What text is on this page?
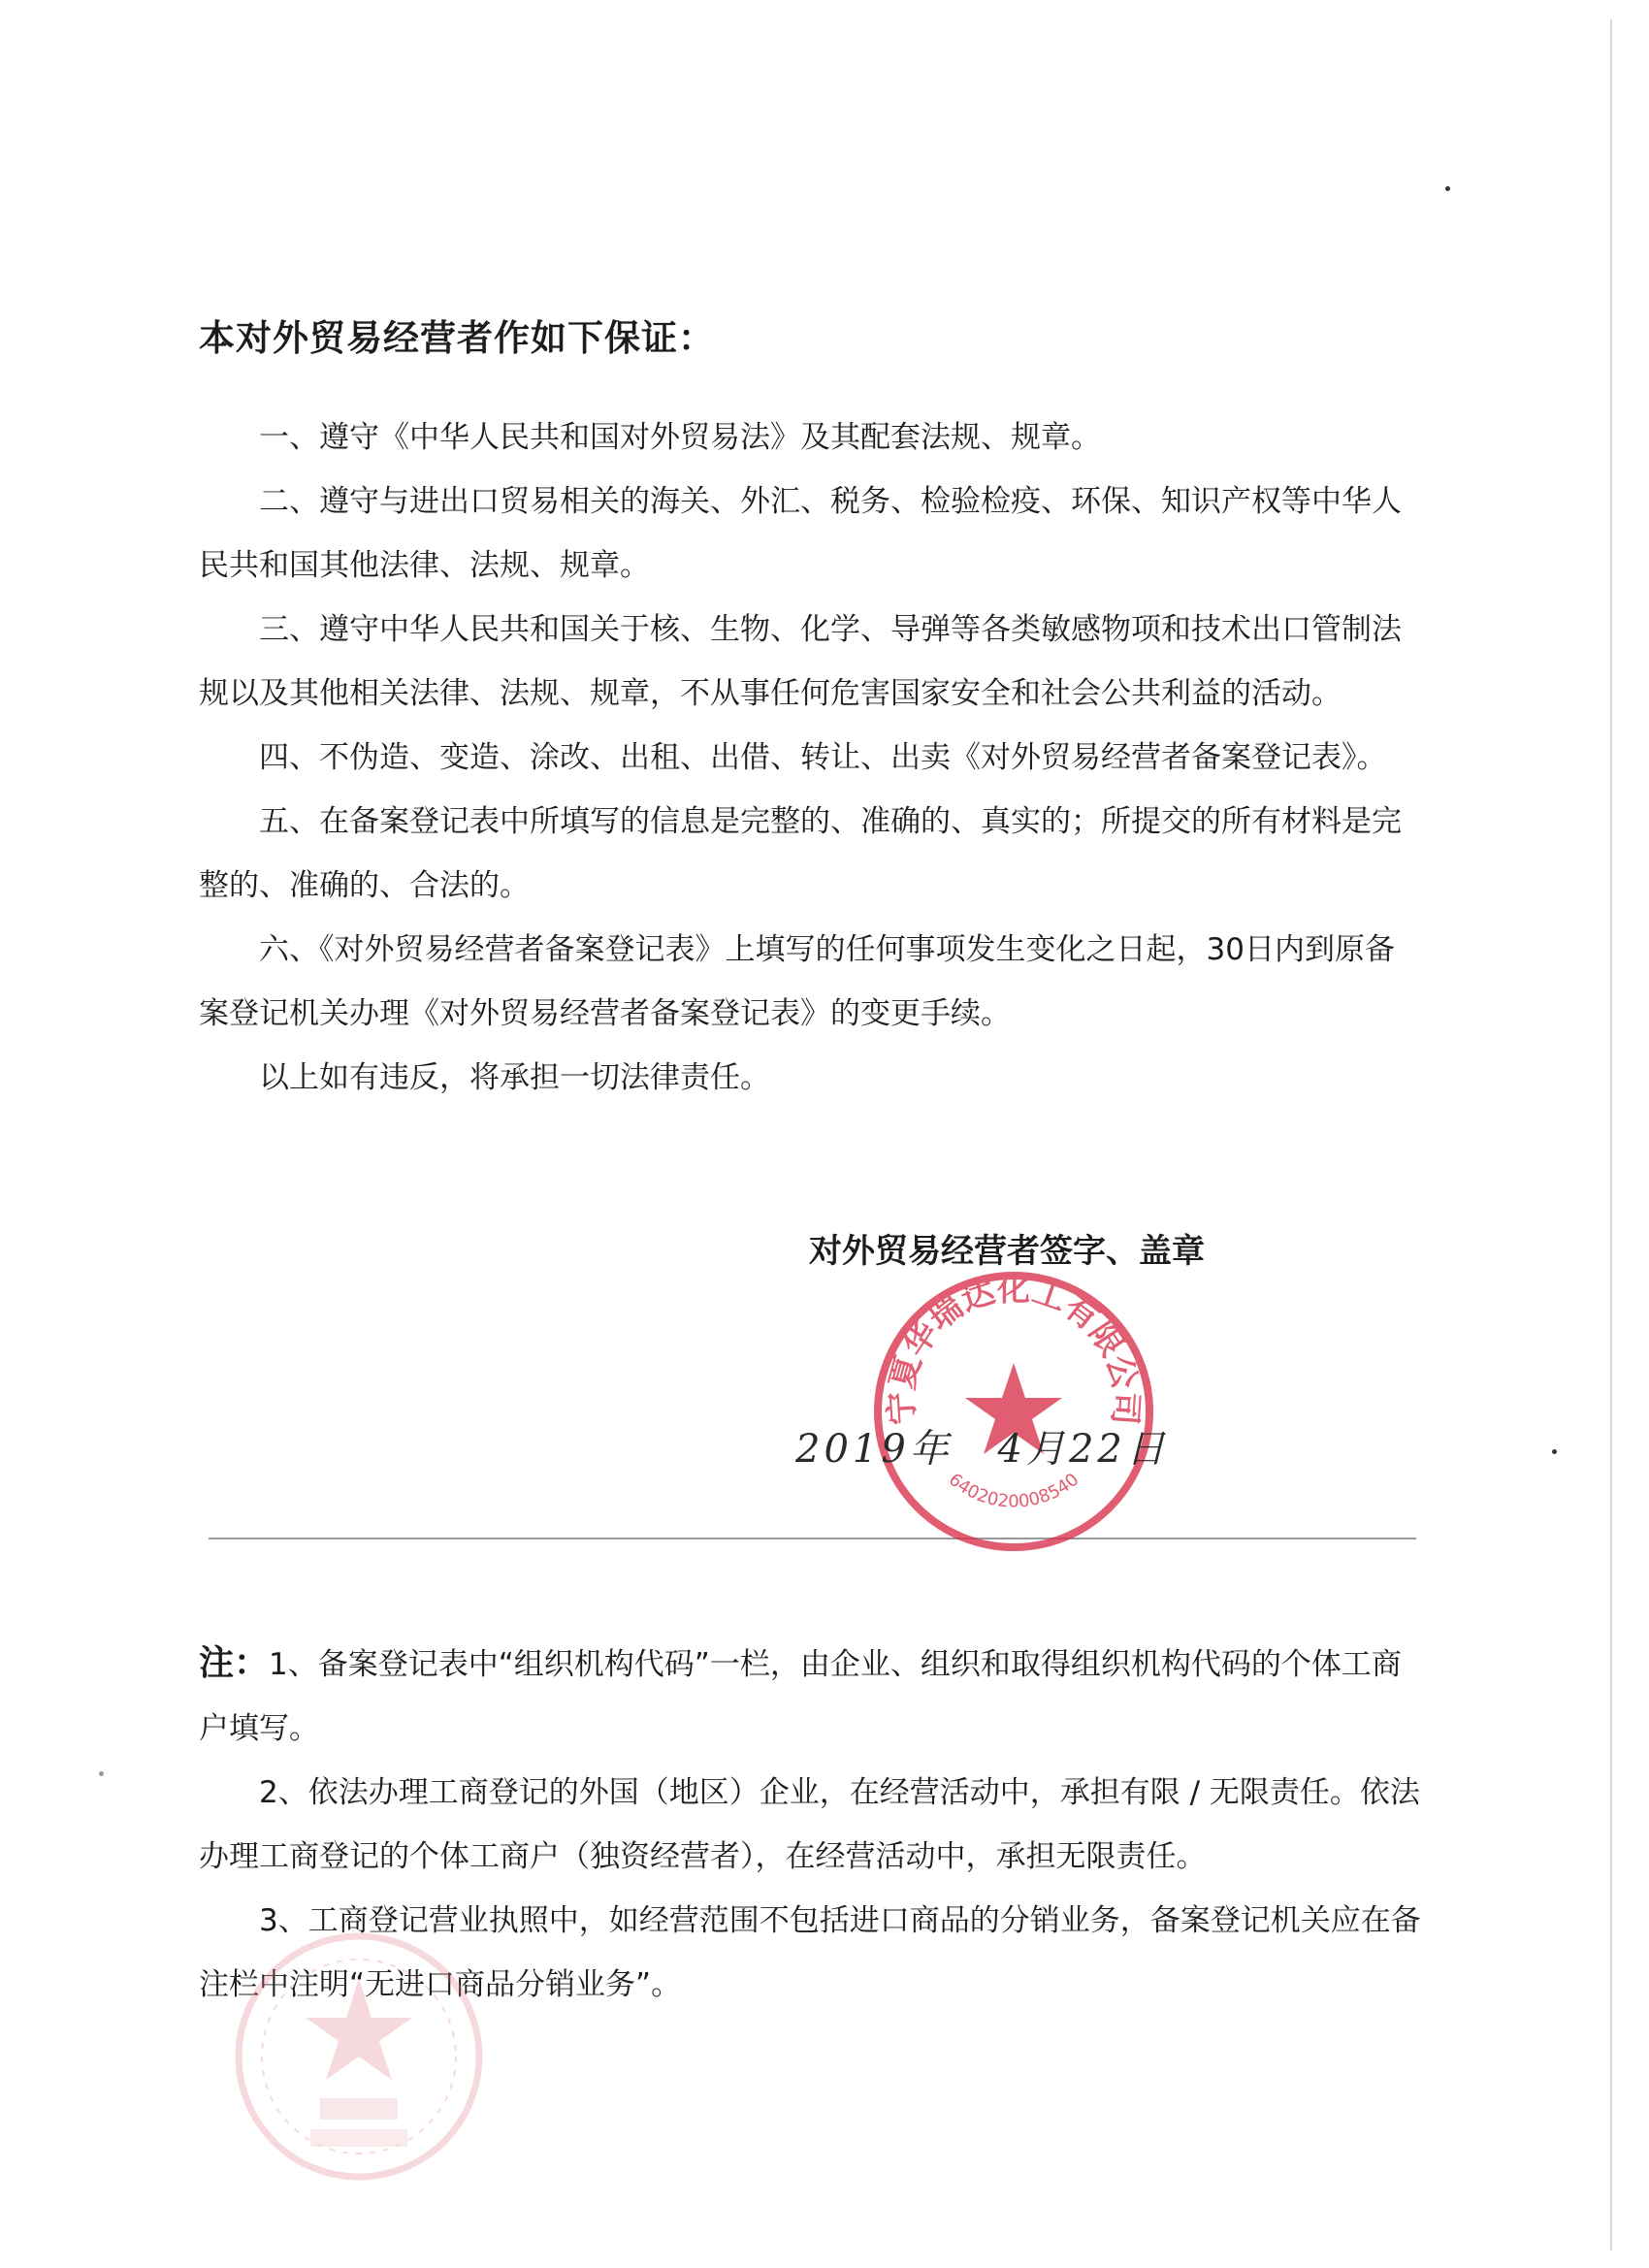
本对外贸易经营者作如下保证：

一、遵守《中华人民共和国对外贸易法》及其配套法规、规章。

二、遵守与进出口贸易相关的海关、外汇、税务、检验检疫、环保、知识产权等中华人民共和国其他法律、法规、规章。

三、遵守中华人民共和国关于核、生物、化学、导弹等各类敏感物项和技术出口管制法规以及其他相关法律、法规、规章，不从事任何危害国家安全和社会公共利益的活动。

四、不伪造、变造、涂改、出租、出借、转让、出卖《对外贸易经营者备案登记表》。

五、在备案登记表中所填写的信息是完整的、准确的、真实的；所提交的所有材料是完整的、准确的、合法的。

六、《对外贸易经营者备案登记表》上填写的任何事项发生变化之日起，30日内到原备案登记机关办理《对外贸易经营者备案登记表》的变更手续。

以上如有违反，将承担一切法律责任。

对外贸易经营者签字、盖章
宁夏华瑞达化工有限公司
6402020008540
2019年 4月22日

注：1、备案登记表中“组织机构代码”一栏，由企业、组织和取得组织机构代码的个体工商户填写。

2、依法办理工商登记的外国（地区）企业，在经营活动中，承担有限 / 无限责任。依法办理工商登记的个体工商户（独资经营者），在经营活动中，承担无限责任。

3、工商登记营业执照中，如经营范围不包括进口商品的分销业务，备案登记机关应在备注栏中注明“无进口商品分销业务”。
